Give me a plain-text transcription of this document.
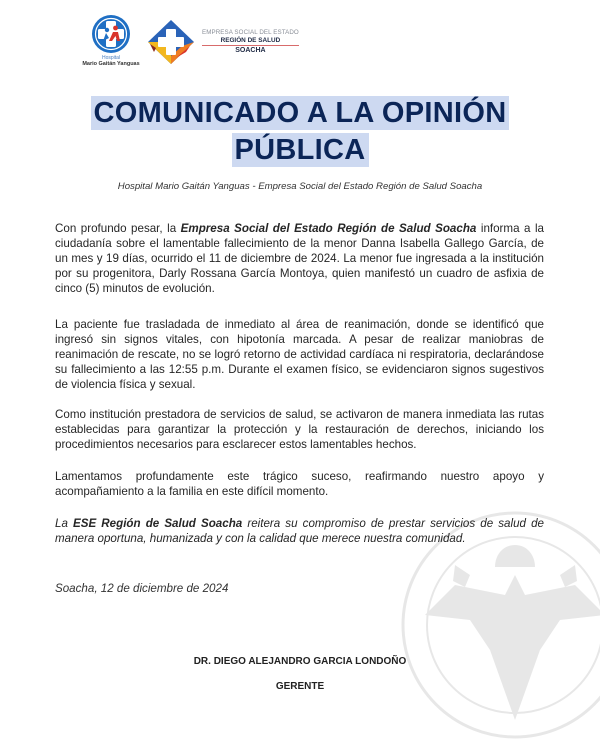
Hospital
Mario Gaitán Yanguas
EMPRESA SOCIAL DEL ESTADO
REGIÓN DE SALUD
SOACHA
COMUNICADO A LA OPINIÓN
PÚBLICA
Hospital Mario Gaitán Yanguas - Empresa Social del Estado Región de Salud Soacha
Con profundo pesar, la Empresa Social del Estado Región de Salud Soacha informa a la ciudadanía sobre el lamentable fallecimiento de la menor Danna Isabella Gallego García, de un mes y 19 días, ocurrido el 11 de diciembre de 2024. La menor fue ingresada a la institución por su progenitora, Darly Rossana García Montoya, quien manifestó un cuadro de asfixia de cinco (5) minutos de evolución.
La paciente fue trasladada de inmediato al área de reanimación, donde se identificó que ingresó sin signos vitales, con hipotonía marcada. A pesar de realizar maniobras de reanimación de rescate, no se logró retorno de actividad cardíaca ni respiratoria, declarándose su fallecimiento a las 12:55 p.m. Durante el examen físico, se evidenciaron signos sugestivos de violencia física y sexual.
Como institución prestadora de servicios de salud, se activaron de manera inmediata las rutas establecidas para garantizar la protección y la restauración de derechos, iniciando los procedimientos necesarios para esclarecer estos lamentables hechos.
Lamentamos profundamente este trágico suceso, reafirmando nuestro apoyo y acompañamiento a la familia en este difícil momento.
La ESE Región de Salud Soacha reitera su compromiso de prestar servicios de salud de manera oportuna, humanizada y con la calidad que merece nuestra comunidad.
Soacha, 12 de diciembre de 2024
DR. DIEGO ALEJANDRO GARCIA LONDOÑO
GERENTE
